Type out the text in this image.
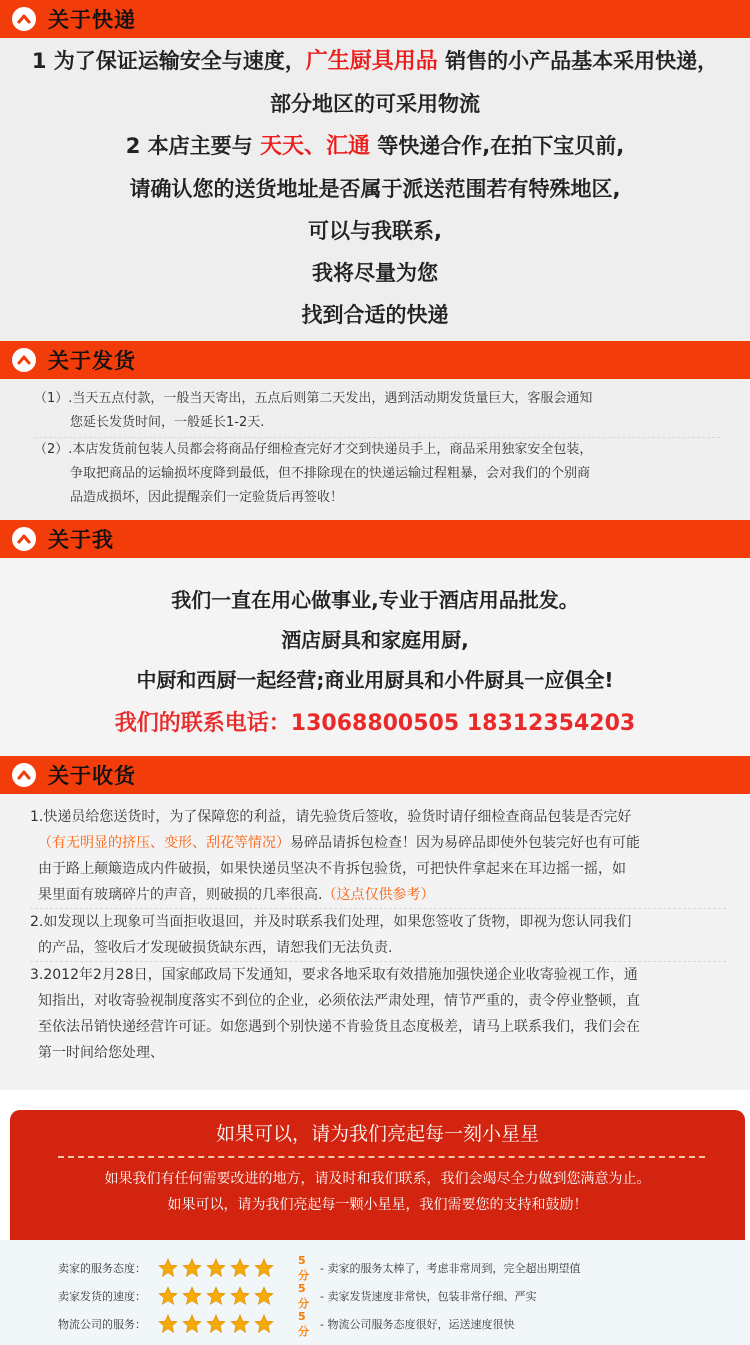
关于快递
1 为了保证运输安全与速度，广生厨具用品 销售的小产品基本采用快递，
部分地区的可采用物流
2 本店主要与 天天、汇通 等快递合作,在拍下宝贝前,
请确认您的送货地址是否属于派送范围若有特殊地区,
可以与我联系,
我将尽量为您
找到合适的快递
关于发货
（1）.当天五点付款，一般当天寄出，五点后则第二天发出，遇到活动期发货量巨大，客服会通知
您延长发货时间，一般延长1-2天.
（2）.本店发货前包装人员都会将商品仔细检查完好才交到快递员手上，商品采用独家安全包装，
争取把商品的运输损坏度降到最低，但不排除现在的快递运输过程粗暴，会对我们的个别商
品造成损坏，因此提醒亲们一定验货后再签收！
关于我
我们一直在用心做事业,专业于酒店用品批发。
酒店厨具和家庭用厨,
中厨和西厨一起经营;商业用厨具和小件厨具一应俱全!
我们的联系电话：13068800505 18312354203
关于收货
1.快递员给您送货时，为了保障您的利益，请先验货后签收，验货时请仔细检查商品包装是否完好
（有无明显的挤压、变形、刮花等情况）易碎品请拆包检查！因为易碎品即使外包装完好也有可能
由于路上颠簸造成内件破损，如果快递员坚决不肯拆包验货，可把快件拿起来在耳边摇一摇，如
果里面有玻璃碎片的声音，则破损的几率很高.（这点仅供参考）
2.如发现以上现象可当面拒收退回，并及时联系我们处理，如果您签收了货物，即视为您认同我们
的产品，签收后才发现破损货缺东西，请恕我们无法负责.
3.2012年2月28日，国家邮政局下发通知，要求各地采取有效措施加强快递企业收寄验视工作，通
知指出，对收寄验视制度落实不到位的企业，必须依法严肃处理，情节严重的，责令停业整顿，直
至依法吊销快递经营许可证。如您遇到个别快递不肯验货且态度极差，请马上联系我们，我们会在
第一时间给您处理、
如果可以，请为我们亮起每一刻小星星
如果我们有任何需要改进的地方，请及时和我们联系，我们会竭尽全力做到您满意为止。
如果可以，请为我们亮起每一颗小星星，我们需要您的支持和鼓励！
卖家的服务态度：
5 分	- 卖家的服务太棒了，考虑非常周到，完全超出期望值
卖家发货的速度：
5 分	- 卖家发货速度非常快，包装非常仔细、严实
物流公司的服务：
5 分	- 物流公司服务态度很好，运送速度很快
